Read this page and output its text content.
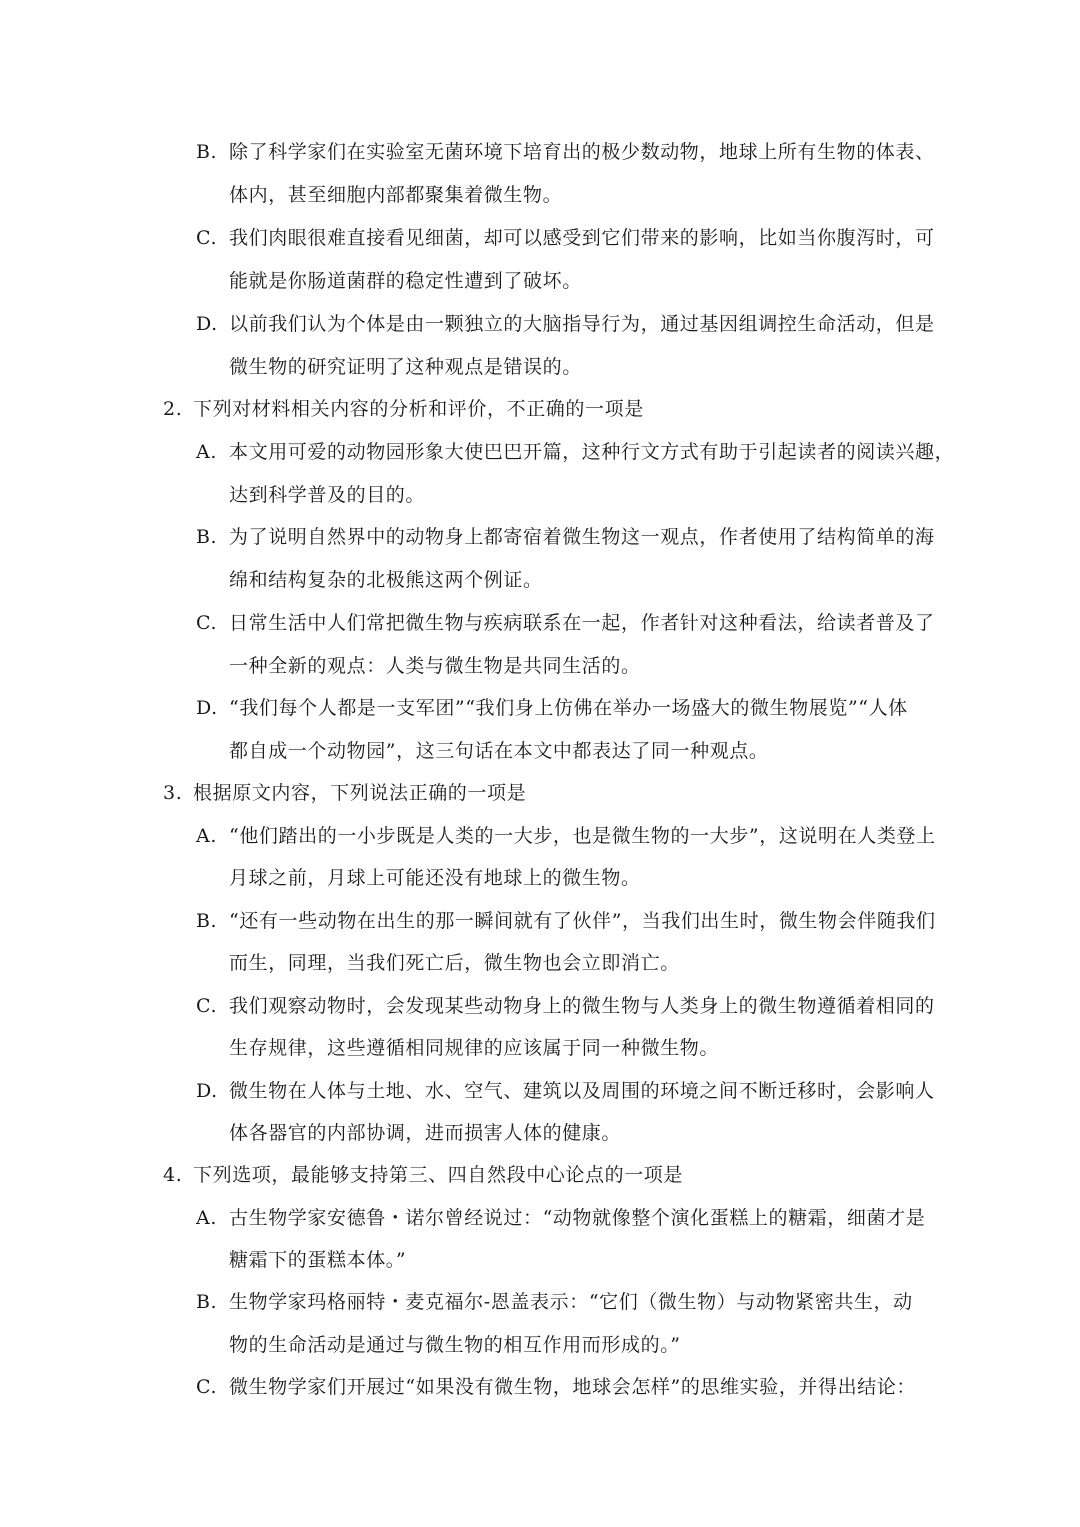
B. 除了科学家们在实验室无菌环境下培育出的极少数动物，地球上所有生物的体表、
体内，甚至细胞内部都聚集着微生物。
C. 我们肉眼很难直接看见细菌，却可以感受到它们带来的影响，比如当你腹泻时，可
能就是你肠道菌群的稳定性遭到了破坏。
D. 以前我们认为个体是由一颗独立的大脑指导行为，通过基因组调控生命活动，但是
微生物的研究证明了这种观点是错误的。
2. 下列对材料相关内容的分析和评价，不正确的一项是
A. 本文用可爱的动物园形象大使巴巴开篇，这种行文方式有助于引起读者的阅读兴趣，
达到科学普及的目的。
B. 为了说明自然界中的动物身上都寄宿着微生物这一观点，作者使用了结构简单的海
绵和结构复杂的北极熊这两个例证。
C. 日常生活中人们常把微生物与疾病联系在一起，作者针对这种看法，给读者普及了
一种全新的观点：人类与微生物是共同生活的。
D. “我们每个人都是一支军团”“我们身上仿佛在举办一场盛大的微生物展览”“人体
都自成一个动物园”，这三句话在本文中都表达了同一种观点。
3. 根据原文内容，下列说法正确的一项是
A. “他们踏出的一小步既是人类的一大步，也是微生物的一大步”，这说明在人类登上
月球之前，月球上可能还没有地球上的微生物。
B. “还有一些动物在出生的那一瞬间就有了伙伴”，当我们出生时，微生物会伴随我们
而生，同理，当我们死亡后，微生物也会立即消亡。
C. 我们观察动物时，会发现某些动物身上的微生物与人类身上的微生物遵循着相同的
生存规律，这些遵循相同规律的应该属于同一种微生物。
D. 微生物在人体与土地、水、空气、建筑以及周围的环境之间不断迁移时，会影响人
体各器官的内部协调，进而损害人体的健康。
4. 下列选项，最能够支持第三、四自然段中心论点的一项是
A. 古生物学家安德鲁・诺尔曾经说过：“动物就像整个演化蛋糕上的糖霜，细菌才是
糖霜下的蛋糕本体。”
B. 生物学家玛格丽特・麦克福尔-恩盖表示：“它们（微生物）与动物紧密共生，动
物的生命活动是通过与微生物的相互作用而形成的。”
C. 微生物学家们开展过“如果没有微生物，地球会怎样”的思维实验，并得出结论：
